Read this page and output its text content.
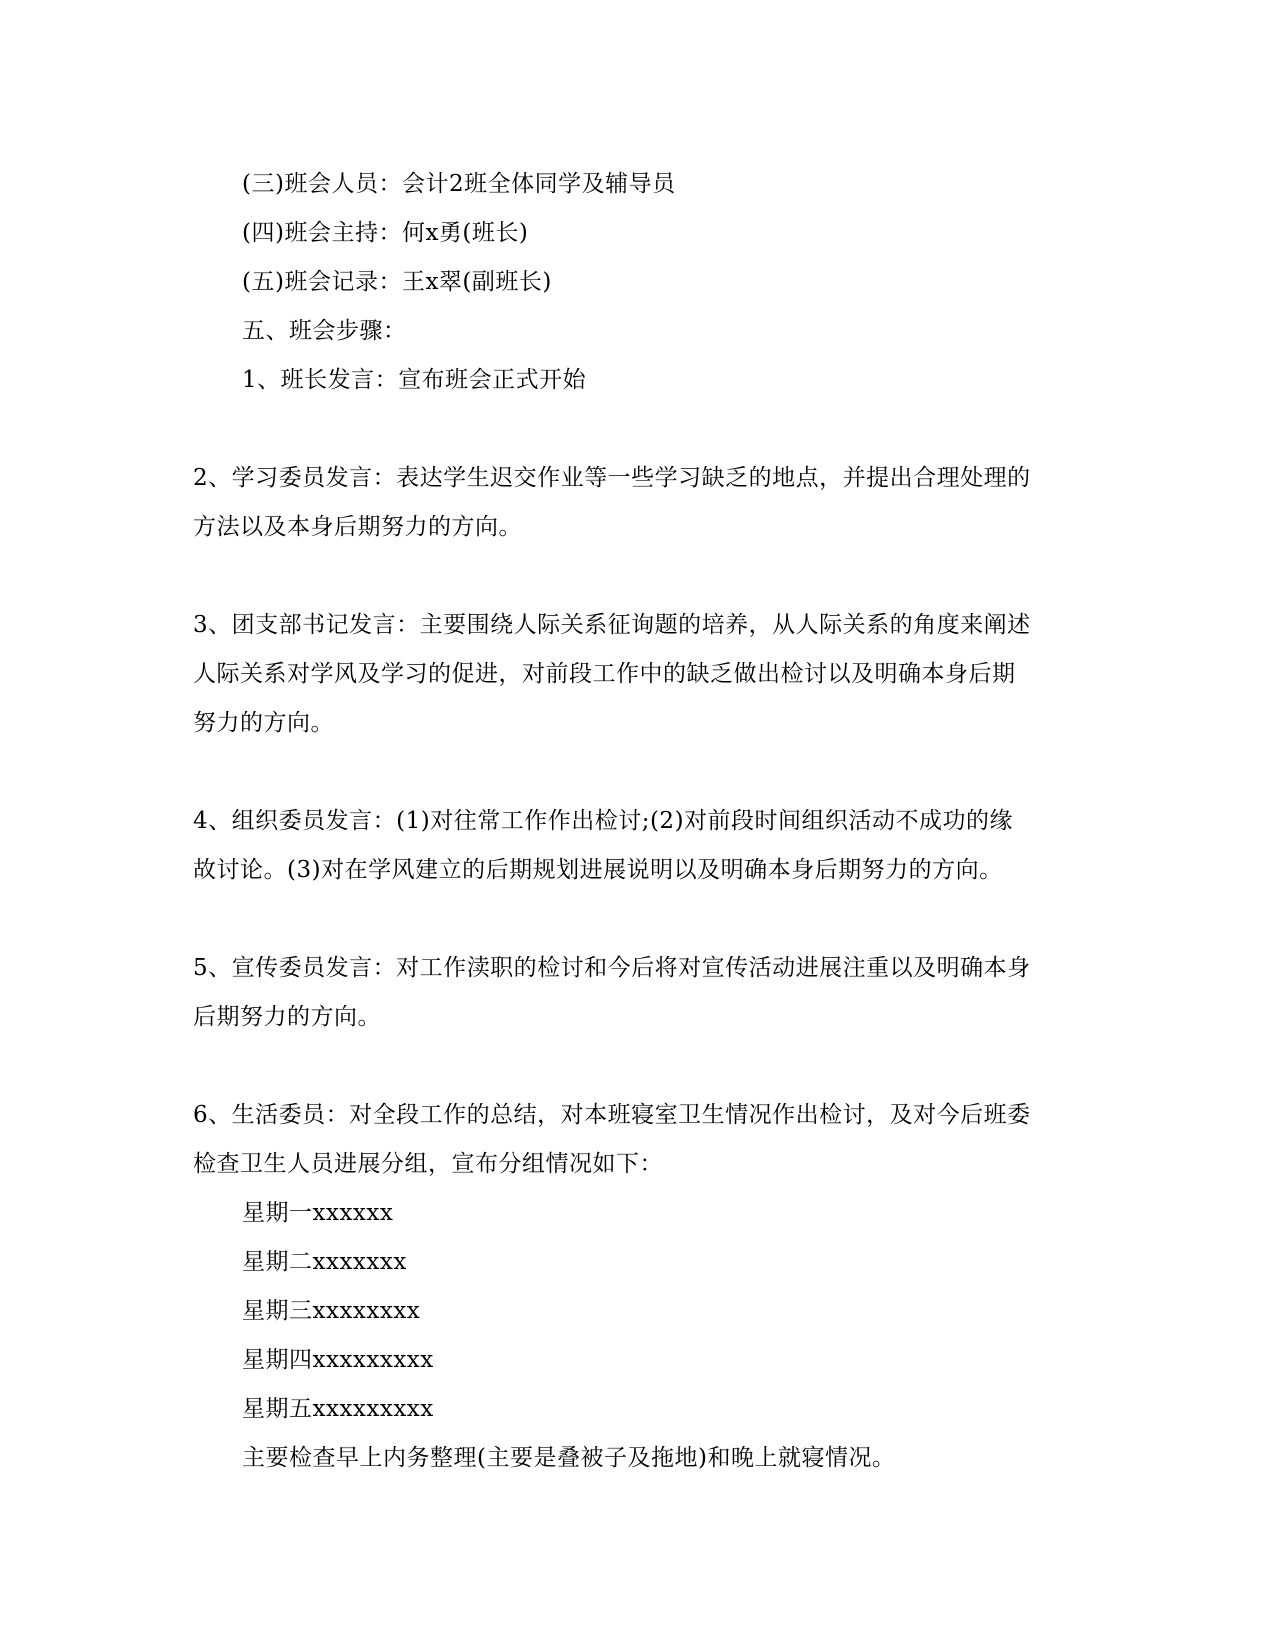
(三)班会人员：会计2班全体同学及辅导员

(四)班会主持：何x勇(班长)

(五)班会记录：王x翠(副班长)

五、班会步骤：

1、班长发言：宣布班会正式开始

2、学习委员发言：表达学生迟交作业等一些学习缺乏的地点，并提出合理处理的

方法以及本身后期努力的方向。

3、团支部书记发言：主要围绕人际关系征询题的培养，从人际关系的角度来阐述

人际关系对学风及学习的促进，对前段工作中的缺乏做出检讨以及明确本身后期

努力的方向。

4、组织委员发言：(1)对往常工作作出检讨;(2)对前段时间组织活动不成功的缘

故讨论。(3)对在学风建立的后期规划进展说明以及明确本身后期努力的方向。

5、宣传委员发言：对工作渎职的检讨和今后将对宣传活动进展注重以及明确本身

后期努力的方向。

6、生活委员：对全段工作的总结，对本班寝室卫生情况作出检讨，及对今后班委

检查卫生人员进展分组，宣布分组情况如下：

星期一xxxxxx

星期二xxxxxxx

星期三xxxxxxxx

星期四xxxxxxxxx

星期五xxxxxxxxx

主要检查早上内务整理(主要是叠被子及拖地)和晚上就寝情况。
